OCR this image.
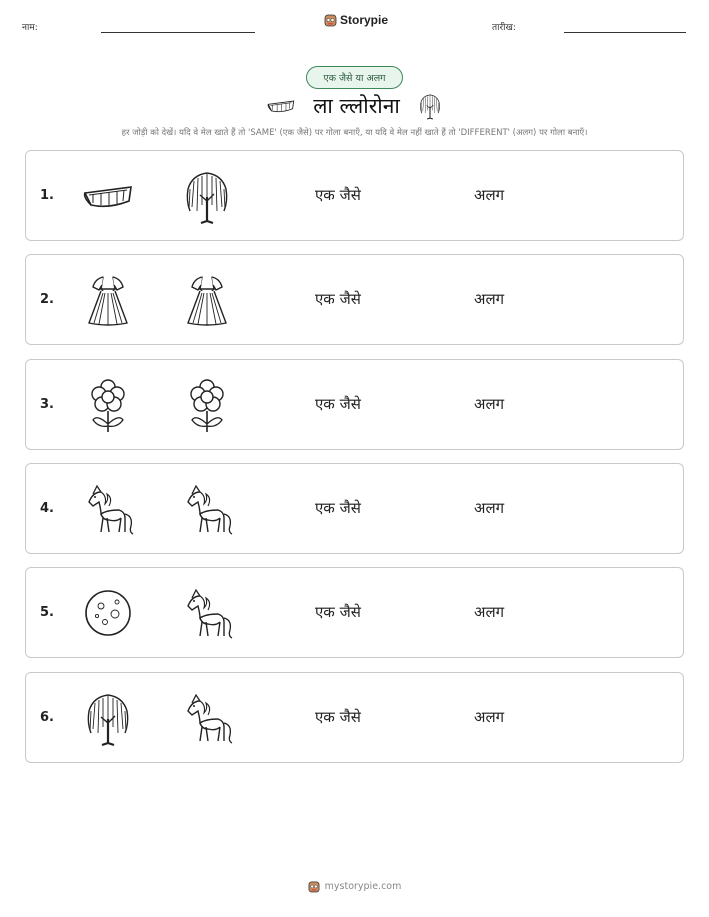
नाम:
Storypie
तारीख:
एक जैसे या अलग
ला ल्लोरोना
हर जोड़ी को देखें। यदि वे मेल खाते हैं तो 'SAME' (एक जैसे) पर गोला बनाएँ, या यदि वे मेल नहीं खाते हैं तो 'DIFFERENT' (अलग) पर गोला बनाएँ।
1.	एक जैसे	अलग
2.	एक जैसे	अलग
3.	एक जैसे	अलग
4.	एक जैसे	अलग
5.	एक जैसे	अलग
6.	एक जैसे	अलग
mystorypie.com
